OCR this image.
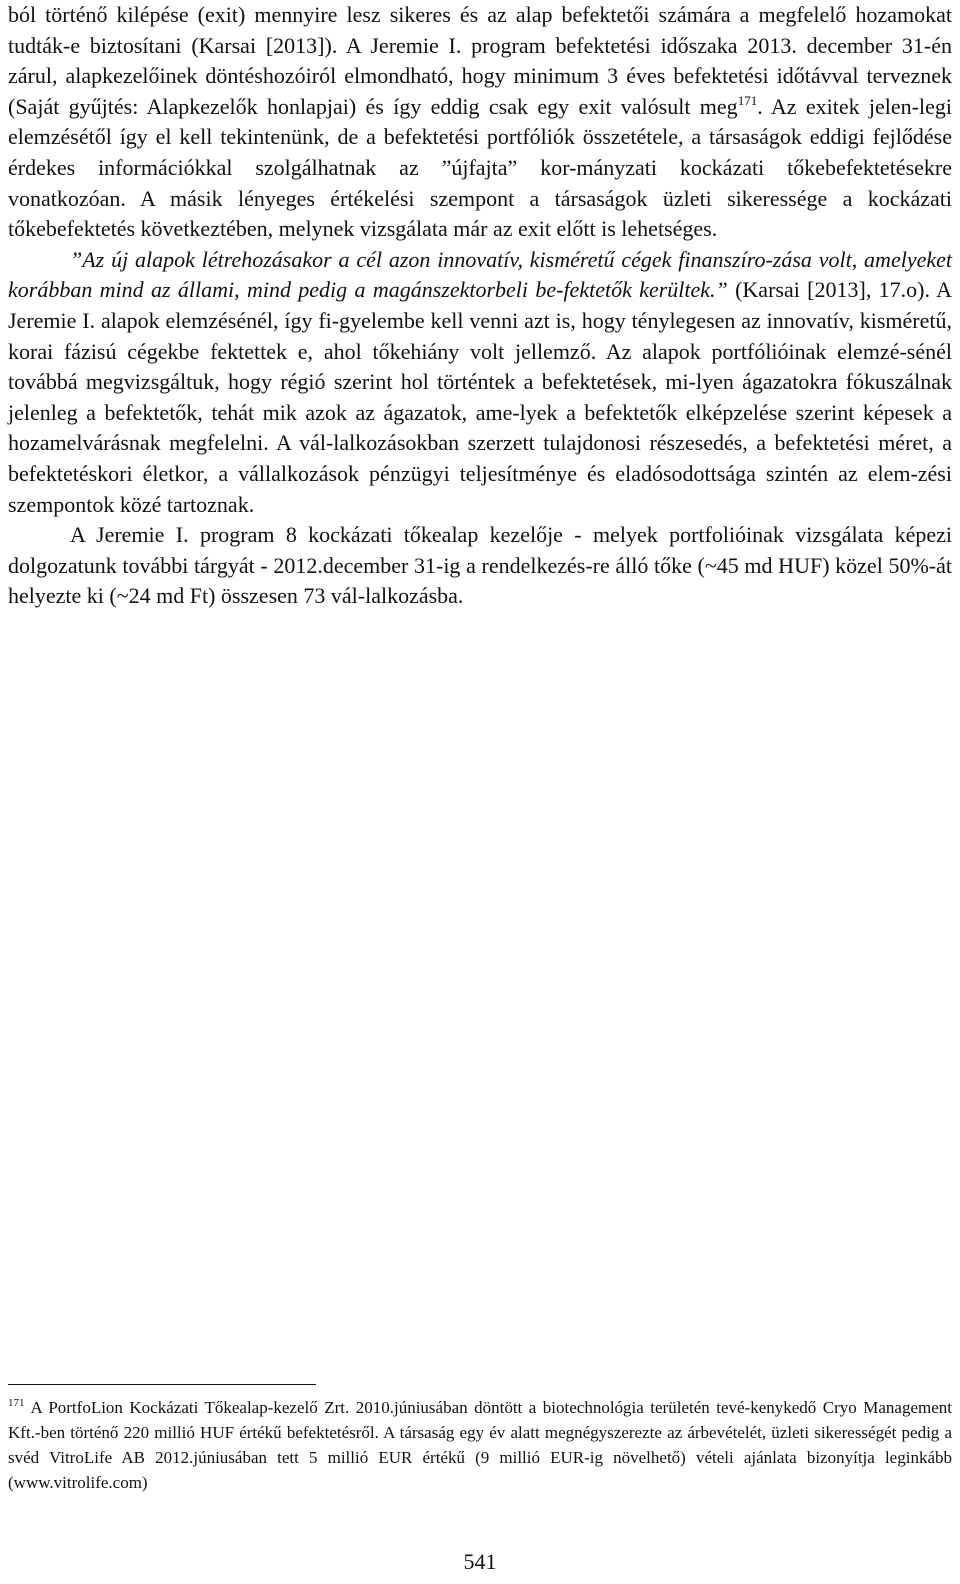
ból történő kilépése (exit) mennyire lesz sikeres és az alap befektetői számára a megfelelő hozamokat tudták-e biztosítani (Karsai [2013]). A Jeremie I. program befektetési időszaka 2013. december 31-én zárul, alapkezelőinek döntéshozóiról elmondható, hogy minimum 3 éves befektetési időtávval terveznek (Saját gyűjtés: Alapkezelők honlapjai) és így eddig csak egy exit valósult meg$^{171}$. Az exitek jelen-legi elemzésétől így el kell tekintenünk, de a befektetési portfóliók összetétele, a társaságok eddigi fejlődése érdekes információkkal szolgálhatnak az ”újfajta” kor-mányzati kockázati tőkebefektetésekre vonatkozóan. A másik lényeges értékelési szempont a társaságok üzleti sikeressége a kockázati tőkebefektetés következtében, melynek vizsgálata már az exit előtt is lehetséges.

”Az új alapok létrehozásakor a cél azon innovatív, kisméretű cégek finanszíro-zása volt, amelyeket korábban mind az állami, mind pedig a magánszektorbeli be-fektetők kerültek.” (Karsai [2013], 17.o). A Jeremie I. alapok elemzésénél, így fi-gyelembe kell venni azt is, hogy ténylegesen az innovatív, kisméretű, korai fázisú cégekbe fektettek e, ahol tőkehiány volt jellemző. Az alapok portfólióinak elemzé-sénél továbbá megvizsgáltuk, hogy régió szerint hol történtek a befektetések, mi-lyen ágazatokra fókuszálnak jelenleg a befektetők, tehát mik azok az ágazatok, ame-lyek a befektetők elképzelése szerint képesek a hozamelvárásnak megfelelni. A vál-lalkozásokban szerzett tulajdonosi részesedés, a befektetési méret, a befektetéskori életkor, a vállalkozások pénzügyi teljesítménye és eladósodottsága szintén az elem-zési szempontok közé tartoznak.

A Jeremie I. program 8 kockázati tőkealap kezelője - melyek portfolióinak vizsgálata képezi dolgozatunk további tárgyát - 2012.december 31-ig a rendelkezés-re álló tőke (~45 md HUF) közel 50%-át helyezte ki (~24 md Ft) összesen 73 vál-lalkozásba.

$^{171}$ A PortfoLion Kockázati Tőkealap-kezelő Zrt. 2010.júniusában döntött a biotechnológia területén tevé-kenykedő Cryo Management Kft.-ben történő 220 millió HUF értékű befektetésről. A társaság egy év alatt megnégyszerezte az árbevételét, üzleti sikerességét pedig a svéd VitroLife AB 2012.júniusában tett 5 millió EUR értékű (9 millió EUR-ig növelhető) vételi ajánlata bizonyítja leginkább (www.vitrolife.com)
541
